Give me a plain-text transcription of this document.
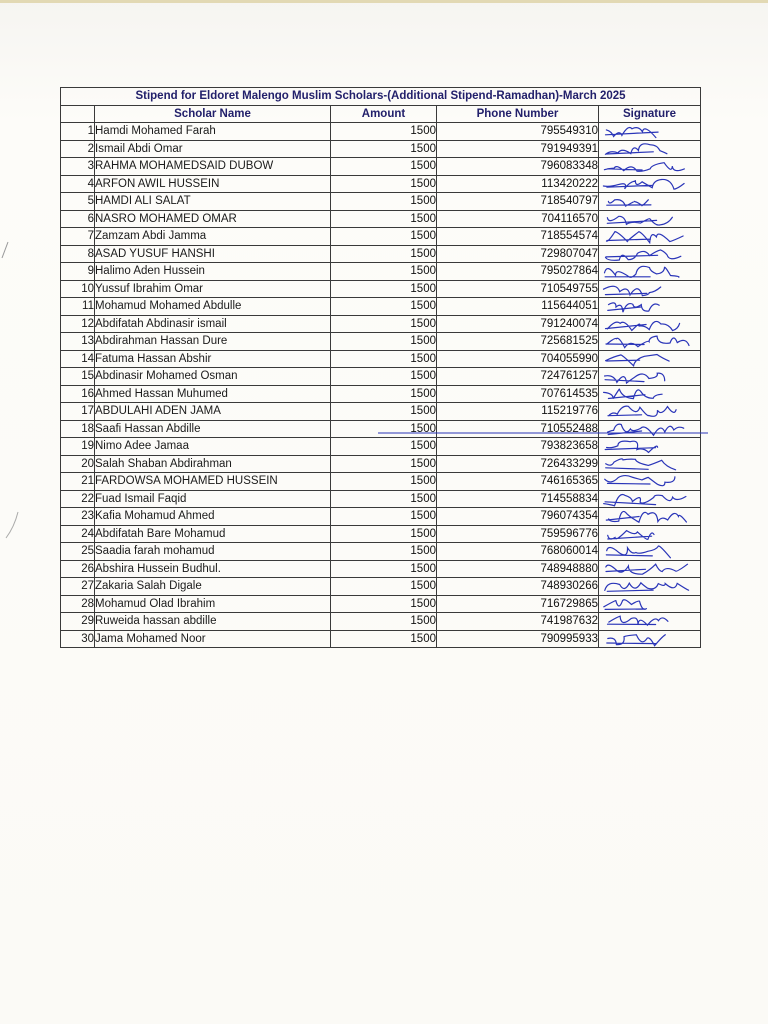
Stipend for Eldoret Malengo Muslim Scholars-(Additional Stipend-Ramadhan)-March 2025				
	Scholar Name	Amount	Phone Number	Signature
1	Hamdi Mohamed Farah	1500	795549310	

2	Ismail Abdi Omar	1500	791949391	

3	RAHMA MOHAMEDSAID DUBOW	1500	796083348	

4	ARFON AWIL HUSSEIN	1500	113420222	

5	HAMDI ALI SALAT	1500	718540797	

6	NASRO MOHAMED OMAR	1500	704116570	

7	Zamzam Abdi Jamma	1500	718554574	

8	ASAD YUSUF HANSHI	1500	729807047	

9	Halimo Aden Hussein	1500	795027864	

10	Yussuf Ibrahim Omar	1500	710549755	

11	Mohamud Mohamed Abdulle	1500	115644051	

12	Abdifatah Abdinasir ismail	1500	791240074	

13	Abdirahman Hassan Dure	1500	725681525	

14	Fatuma Hassan Abshir	1500	704055990	

15	Abdinasir Mohamed Osman	1500	724761257	

16	Ahmed Hassan Muhumed	1500	707614535	

17	ABDULAHI ADEN JAMA	1500	115219776	

18	Saafi Hassan Abdille	1500	710552488	

19	Nimo Adee Jamaa	1500	793823658	

20	Salah Shaban Abdirahman	1500	726433299	

21	FARDOWSA MOHAMED HUSSEIN	1500	746165365	

22	Fuad Ismail Faqid	1500	714558834	

23	Kafia Mohamud Ahmed	1500	796074354	

24	Abdifatah Bare Mohamud	1500	759596776	

25	Saadia farah mohamud	1500	768060014	

26	Abshira Hussein Budhul.	1500	748948880	

27	Zakaria Salah Digale	1500	748930266	

28	Mohamud Olad Ibrahim	1500	716729865	

29	Ruweida hassan abdille	1500	741987632	

30	Jama Mohamed Noor	1500	790995933	
